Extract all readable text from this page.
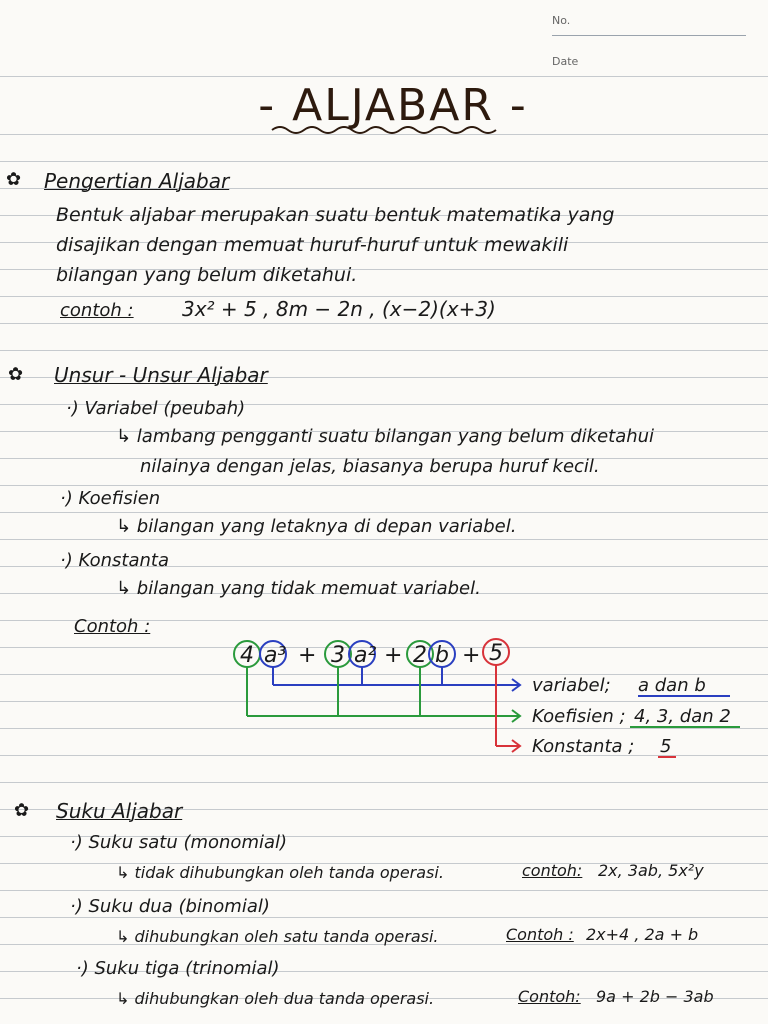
No.
Date
- ALJABAR -
✿ Pengertian Aljabar
Bentuk aljabar merupakan suatu bentuk matematika yang
disajikan dengan memuat huruf-huruf untuk mewakili
bilangan yang belum diketahui.
contoh : 3x² + 5 , 8m − 2n , (x−2)(x+3)
✿ Unsur - Unsur Aljabar
·) Variabel (peubah)
↳ lambang pengganti suatu bilangan yang belum diketahui
nilainya dengan jelas, biasanya berupa huruf kecil.
·) Koefisien
↳ bilangan yang letaknya di depan variabel.
·) Konstanta
↳ bilangan yang tidak memuat variabel.
Contoh :
4 a³ + 3 a² + 2 b + 5
variabel; a dan b
Koefisien ; 4, 3, dan 2
Konstanta ; 5
✿ Suku Aljabar
·) Suku satu (monomial)
↳ tidak dihubungkan oleh tanda operasi.	contoh: 2x, 3ab, 5x²y
·) Suku dua (binomial)
↳ dihubungkan oleh satu tanda operasi.	Contoh : 2x+4 , 2a + b
·) Suku tiga (trinomial)
↳ dihubungkan oleh dua tanda operasi.	Contoh: 9a + 2b − 3ab
